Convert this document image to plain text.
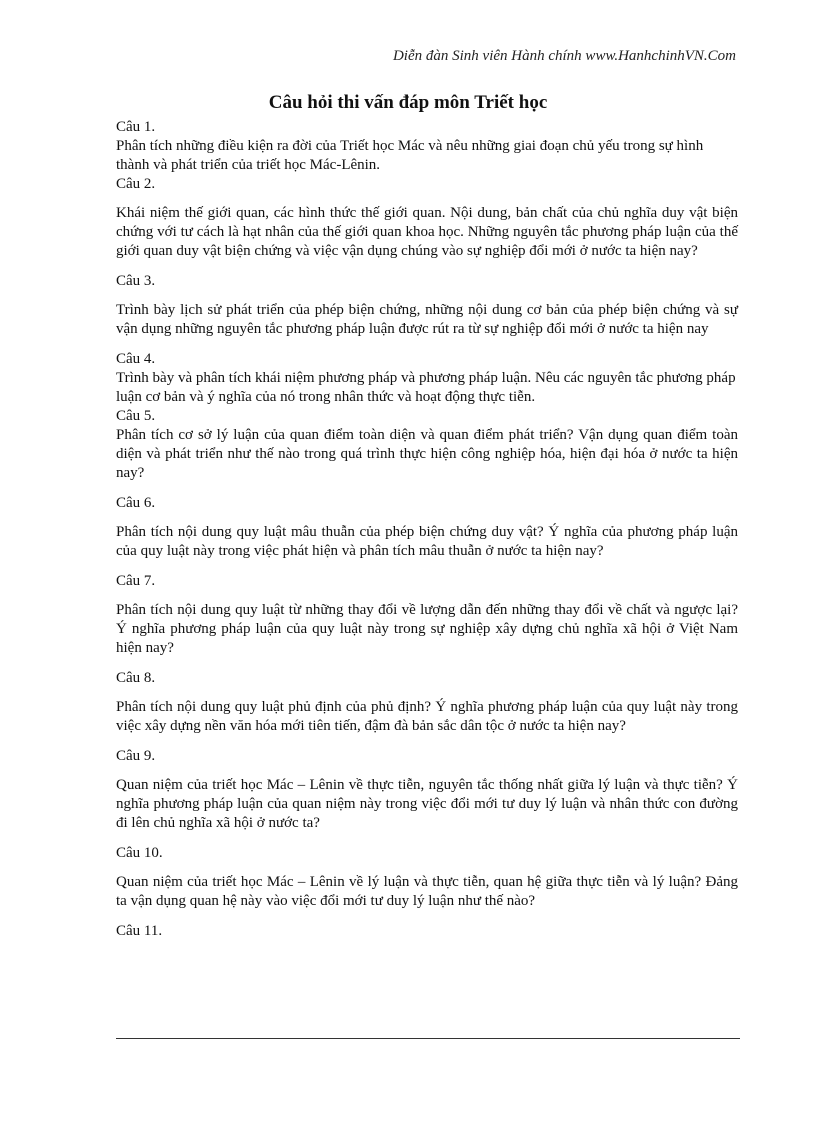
Diễn đàn Sinh viên Hành chính www.HanhchinhVN.Com
Câu hỏi thi vấn đáp môn Triết học

Câu 1.

Phân tích những điều kiện ra đời của Triết học Mác và nêu những giai đoạn chủ yếu trong sự hình thành và phát triển của triết học Mác-Lênin.

Câu 2.

Khái niệm thế giới quan, các hình thức thế giới quan. Nội dung, bản chất của chủ nghĩa duy vật biện chứng với tư cách là hạt nhân của thế giới quan khoa học. Những nguyên tắc phương pháp luận của thế giới quan duy vật biện chứng và việc vận dụng chúng vào sự nghiệp đổi mới ở nước ta hiện nay?

Câu 3.

Trình bày lịch sử phát triển của phép biện chứng, những nội dung cơ bản của phép biện chứng và sự vận dụng những nguyên tắc phương pháp luận được rút ra từ sự nghiệp đổi mới ở nước ta hiện nay

Câu 4.

Trình bày và phân tích khái niệm phương pháp và phương pháp luận. Nêu các nguyên tắc phương pháp luận cơ bản và ý nghĩa của nó trong nhân thức và hoạt động thực tiễn.

Câu 5.

Phân tích cơ sở lý luận của quan điểm toàn diện và quan điểm phát triển? Vận dụng quan điểm toàn diện và phát triển như thế nào trong quá trình thực hiện công nghiệp hóa, hiện đại hóa ở nước ta hiện nay?

Câu 6.

Phân tích nội dung quy luật mâu thuẫn của phép biện chứng duy vật? Ý nghĩa của phương pháp luận của quy luật này trong việc phát hiện và phân tích mâu thuẫn ở nước ta hiện nay?

Câu 7.

Phân tích nội dung quy luật từ những thay đổi về lượng dẫn đến những thay đổi về chất và ngược lại? Ý nghĩa phương pháp luận của quy luật này trong sự nghiệp xây dựng chủ nghĩa xã hội ở Việt Nam hiện nay?

Câu 8.

Phân tích nội dung quy luật phủ định của phủ định? Ý nghĩa phương pháp luận của quy luật này trong việc xây dựng nền văn hóa mới tiên tiến, đậm đà bản sắc dân tộc ở nước ta hiện nay?

Câu 9.

Quan niệm của triết học Mác – Lênin về thực tiễn, nguyên tắc thống nhất giữa lý luận và thực tiễn? Ý nghĩa phương pháp luận của quan niệm này trong việc đổi mới tư duy lý luận và nhân thức con đường đi lên chủ nghĩa xã hội ở nước ta?

Câu 10.

Quan niệm của triết học Mác – Lênin về lý luận và thực tiễn, quan hệ giữa thực tiễn và lý luận? Đảng ta vận dụng quan hệ này vào việc đổi mới tư duy lý luận như thế nào?

Câu 11.
